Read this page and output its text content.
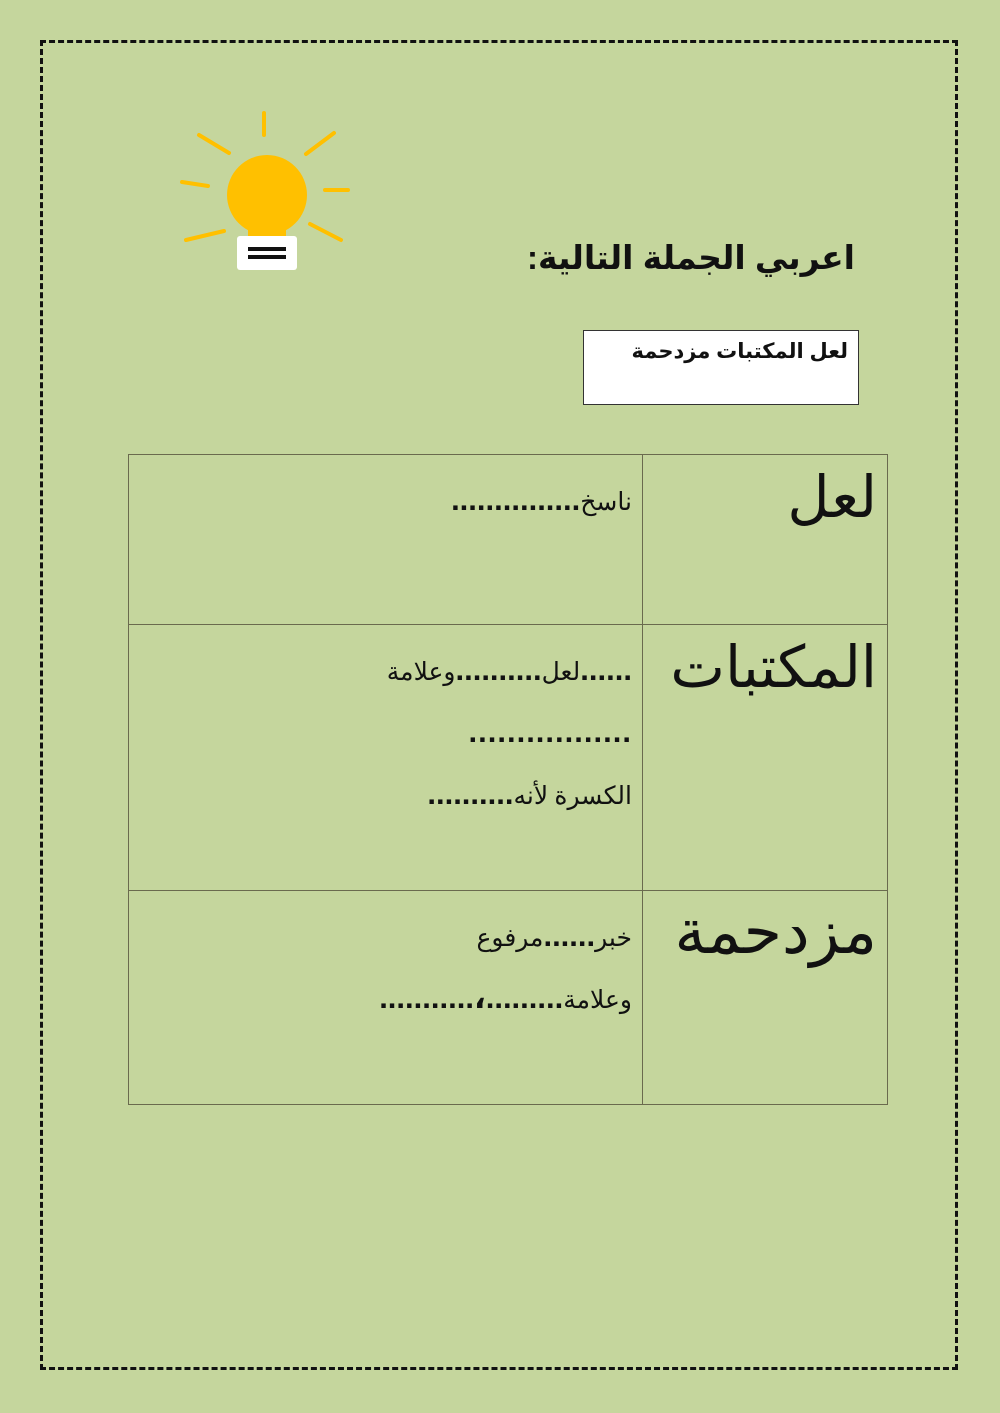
اعربي الجملة التالية:
لعل المكتبات مزدحمة
لعل	ناسخ...............

المكتبات	......لعل..........وعلامة
.................
الكسرة لأنه..........

مزدحمة	خبر......مرفوع
وعلامة.........،...........
